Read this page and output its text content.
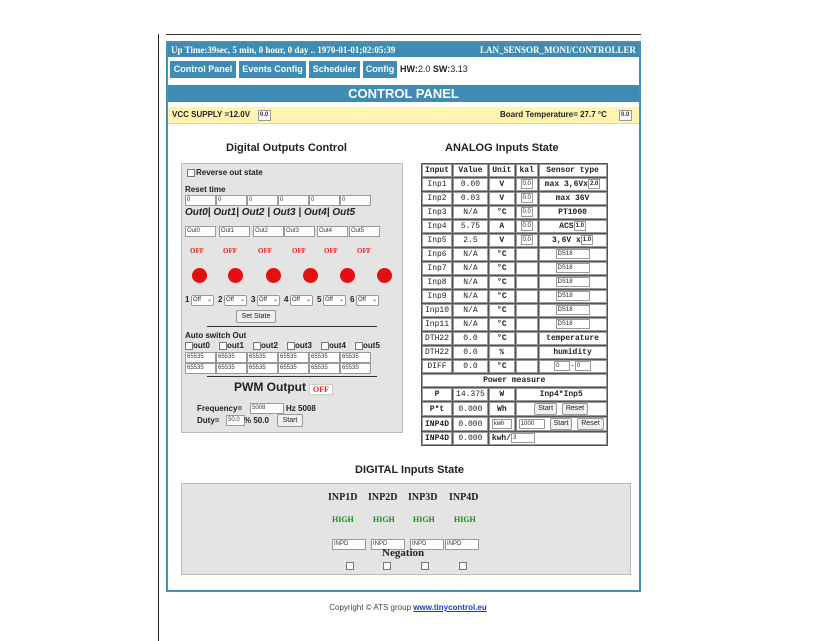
Up Time:39sec, 5 min, 0 hour, 0 day .. 1970-01-01;02:05:39	LAN_SENSOR_MONI/CONTROLLER
Control Panel	Events Config	Scheduler	Config HW:2.0 SW:3.13
CONTROL PANEL
VCC SUPPLY =12.0V	0.0	Board Temperature= 27.7 °C	0.0
Digital Outputs Control
Reverse out state
Reset time
0	0	0	0	0	0
Out0| Out1| Out2 | Out3 | Out4| Out5
Out0	Out1	Out2	Out3	Out4	Out5
OFF	OFF	OFF	OFF	OFF	OFF
1 Off ⌄ 2 Off ⌄ 3 Off ⌄ 4 Off ⌄ 5 Off ⌄ 6 Off ⌄
Set State
Auto switch Out
out0 out1 out2 out3 out4 out5
65535	65535	65535	65535	65535	65535
65535	65535	65535	65535	65535	65535
PWM Output OFF
Frequency=	5008	Hz 5008
Duty=	50.0 % 50.0	Start
ANALOG Inputs State
Input	Value	Unit	kal	Sensor type
Inp1	0.00	V	0.0	max 3,6Vx 2.0
Inp2	0.03	V	0.0	max 36V
Inp3	N/A	°C	0.0	PT1000
Inp4	5.75	A	0.0	ACS 1.0
Inp5	2.5	V	0.0	3,6V x 1.0
Inp6	N/A	°C		DS18
Inp7	N/A	°C		DS18
Inp8	N/A	°C		DS18
Inp9	N/A	°C		DS18
Inp10	N/A	°C		DS18
Inp11	N/A	°C		DS18
DTH22	0.0	°C		temperature
DTH22	0.0	%		humidity
DIFF	0.0	°C		0 - 0
Power measure				
P	14.375	W	Inp4*Inp5	
P*t	0.000	Wh	Start Reset	
INP4D	0.000	kwh	1000 Start Reset	
INP4D	0.000	kwh/ 3		
DIGITAL Inputs State
INP1D INP2D INP3D INP4D
HIGH HIGH HIGH HIGH
INPD	INPD	INPD	INPD
Negation
Copyright © ATS group www.tinycontrol.eu
